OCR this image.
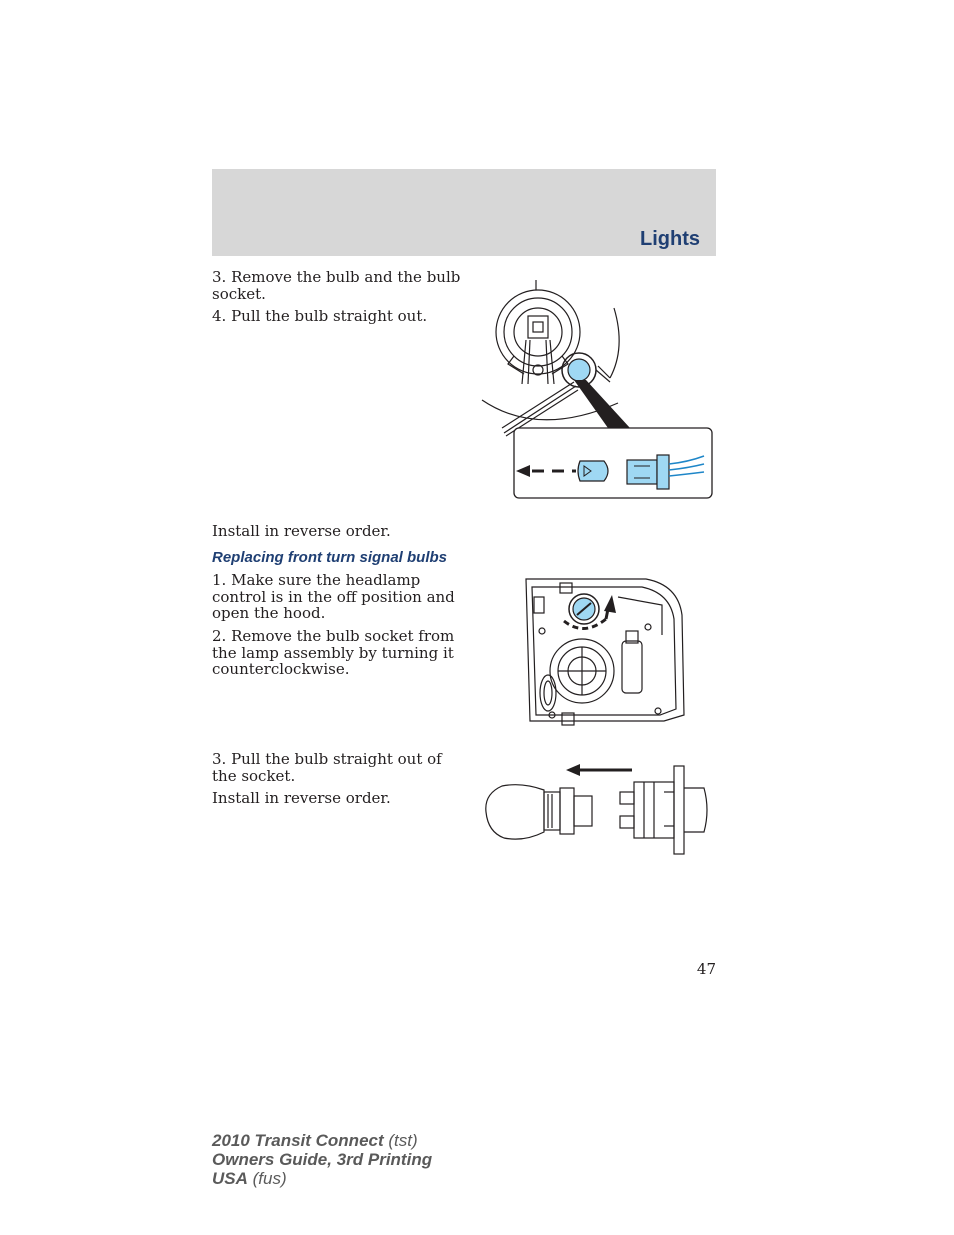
Lights

3. Remove the bulb and the bulb socket.

4. Pull the bulb straight out.

Install in reverse order.

Replacing front turn signal bulbs

1. Make sure the headlamp control is in the off position and open the hood.

2. Remove the bulb socket from the lamp assembly by turning it counterclockwise.

3. Pull the bulb straight out of the socket.

Install in reverse order.

47
2010 Transit Connect (tst)
Owners Guide, 3rd Printing
USA (fus)
